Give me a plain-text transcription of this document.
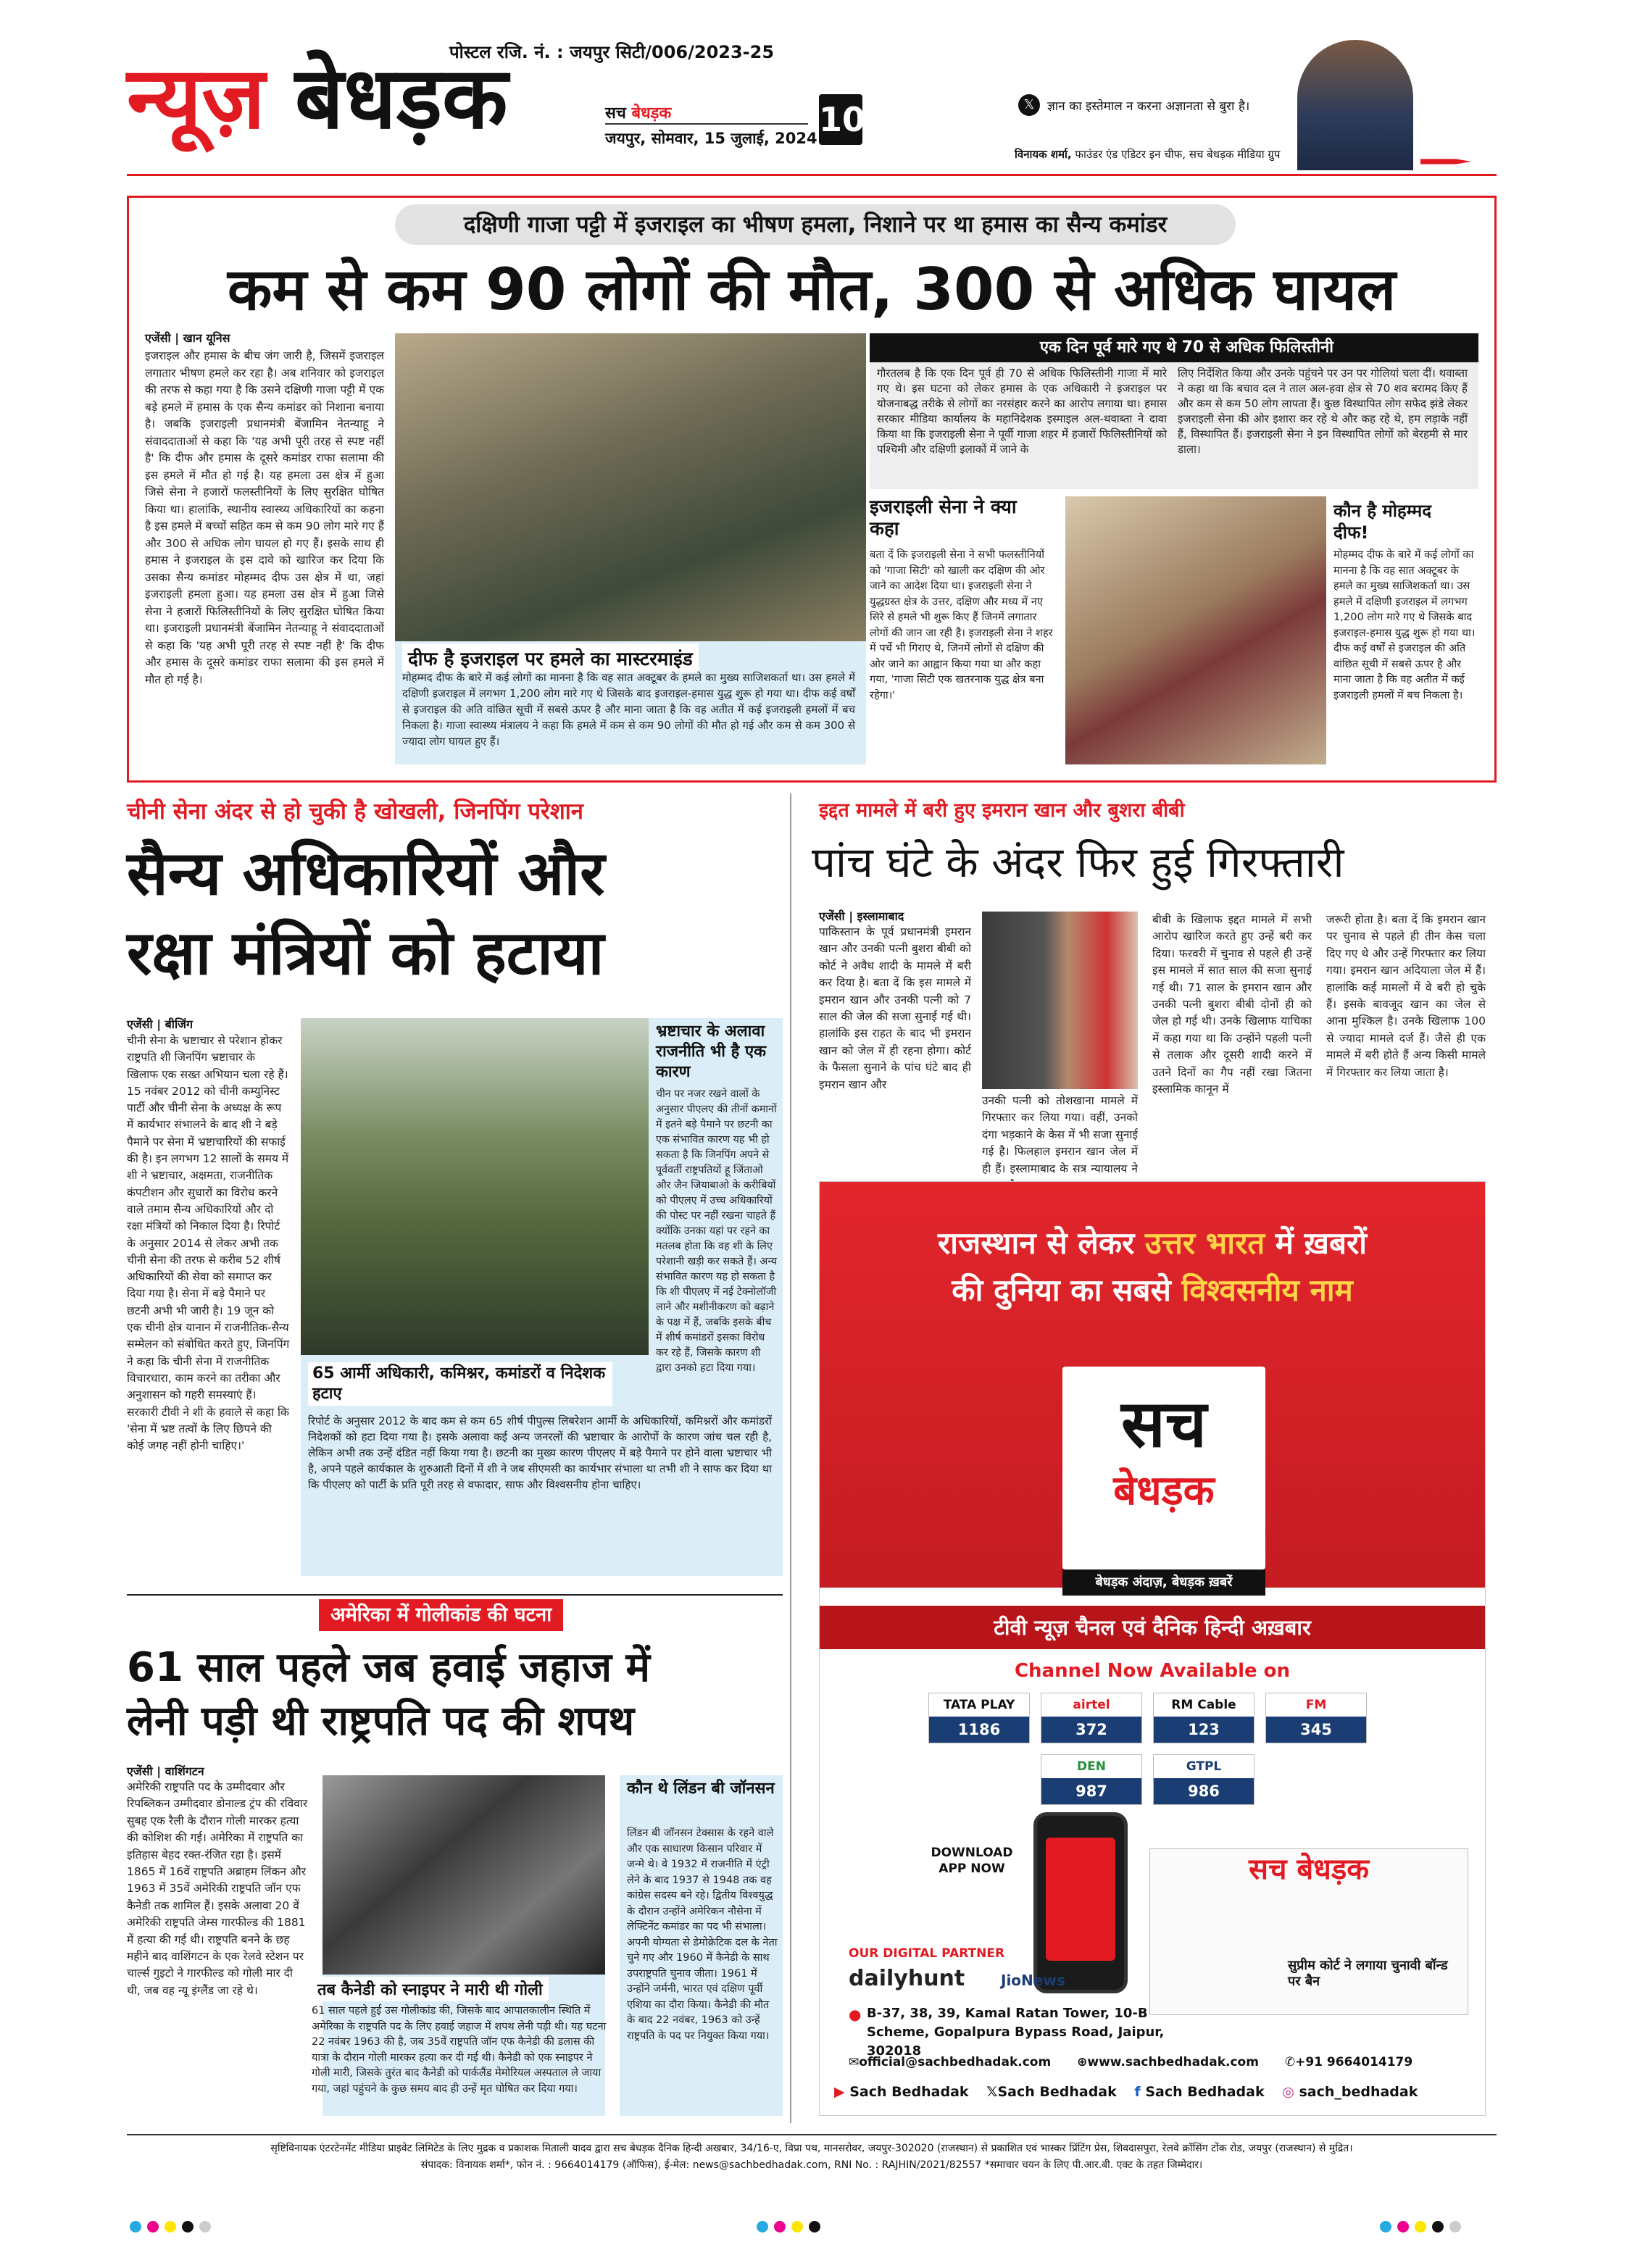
पोस्टल रजि. नं. : जयपुर सिटी/006/2023-25
न्यूज़ बेधड़क	सच बेधड़क
जयपुर, सोमवार, 15 जुलाई, 2024 10	𝕏	ज्ञान का इस्तेमाल न करना अज्ञानता से बुरा है।
विनायक शर्मा, फाउंडर एंड एडिटर इन चीफ, सच बेधड़क मीडिया ग्रुप
दक्षिणी गाजा पट्टी में इजराइल का भीषण हमला, निशाने पर था हमास का सैन्य कमांडर
कम से कम 90 लोगों की मौत, 300 से अधिक घायल
एजेंसी | खान यूनिस
इजराइल और हमास के बीच जंग जारी है, जिसमें इजराइल लगातार भीषण हमले कर रहा है। अब शनिवार को इजराइल की तरफ से कहा गया है कि उसने दक्षिणी गाजा पट्टी में एक बड़े हमले में हमास के एक सैन्य कमांडर को निशाना बनाया है। जबकि इजराइली प्रधानमंत्री बेंजामिन नेतन्याहू ने संवाददाताओं से कहा कि 'यह अभी पूरी तरह से स्पष्ट नहीं है' कि दीफ और हमास के दूसरे कमांडर राफा सलामा की इस हमले में मौत हो गई है। यह हमला उस क्षेत्र में हुआ जिसे सेना ने हजारों फलस्तीनियों के लिए सुरक्षित घोषित किया था। हालांकि, स्थानीय स्वास्थ्य अधिकारियों का कहना है इस हमले में बच्चों सहित कम से कम 90 लोग मारे गए हैं और 300 से अधिक लोग घायल हो गए हैं। इसके साथ ही हमास ने इजराइल के इस दावे को खारिज कर दिया कि उसका सैन्य कमांडर मोहम्मद दीफ उस क्षेत्र में था, जहां इजराइली हमला हुआ। यह हमला उस क्षेत्र में हुआ जिसे सेना ने हजारों फिलिस्तीनियों के लिए सुरक्षित घोषित किया था। इजराइली प्रधानमंत्री बेंजामिन नेतन्याहू ने संवाददाताओं से कहा कि 'यह अभी पूरी तरह से स्पष्ट नहीं है' कि दीफ और हमास के दूसरे कमांडर राफा सलामा की इस हमले में मौत हो गई है।
दीफ है इजराइल पर हमले का मास्टरमाइंड
मोहम्मद दीफ के बारे में कई लोगों का मानना है कि वह सात अक्टूबर के हमले का मुख्य साजिशकर्ता था। उस हमले में दक्षिणी इजराइल में लगभग 1,200 लोग मारे गए थे जिसके बाद इजराइल-हमास युद्ध शुरू हो गया था। दीफ कई वर्षों से इजराइल की अति वांछित सूची में सबसे ऊपर है और माना जाता है कि वह अतीत में कई इजराइली हमलों में बच निकला है। गाजा स्वास्थ्य मंत्रालय ने कहा कि हमले में कम से कम 90 लोगों की मौत हो गई और कम से कम 300 से ज्यादा लोग घायल हुए हैं।
एक दिन पूर्व मारे गए थे 70 से अधिक फिलिस्तीनी
गौरतलब है कि एक दिन पूर्व ही 70 से अधिक फिलिस्तीनी गाजा में मारे गए थे। इस घटना को लेकर हमास के एक अधिकारी ने इजराइल पर योजनाबद्ध तरीके से लोगों का नरसंहार करने का आरोप लगाया था। हमास सरकार मीडिया कार्यालय के महानिदेशक इस्माइल अल-थवाब्ता ने दावा किया था कि इजराइली सेना ने पूर्वी गाजा शहर में हजारों फिलिस्तीनियों को पश्चिमी और दक्षिणी इलाकों में जाने के
लिए निर्देशित किया और उनके पहुंचने पर उन पर गोलियां चला दीं। थवाब्ता ने कहा था कि बचाव दल ने ताल अल-हवा क्षेत्र से 70 शव बरामद किए हैं और कम से कम 50 लोग लापता हैं। कुछ विस्थापित लोग सफेद झंडे लेकर इजराइली सेना की ओर इशारा कर रहे थे और कह रहे थे, हम लड़ाके नहीं हैं, विस्थापित हैं। इजराइली सेना ने इन विस्थापित लोगों को बेरहमी से मार डाला।
इजराइली सेना ने क्या कहा
बता दें कि इजराइली सेना ने सभी फलस्तीनियों को 'गाजा सिटी' को खाली कर दक्षिण की ओर जाने का आदेश दिया था। इजराइली सेना ने युद्धग्रस्त क्षेत्र के उत्तर, दक्षिण और मध्य में नए सिरे से हमले भी शुरू किए हैं जिनमें लगातार लोगों की जान जा रही है। इजराइली सेना ने शहर में पर्चे भी गिराए थे, जिनमें लोगों से दक्षिण की ओर जाने का आह्वान किया गया था और कहा गया, 'गाजा सिटी एक खतरनाक युद्ध क्षेत्र बना रहेगा।'
कौन है मोहम्मद दीफ!
मोहम्मद दीफ के बारे में कई लोगों का मानना है कि वह सात अक्टूबर के हमले का मुख्य साजिशकर्ता था। उस हमले में दक्षिणी इजराइल में लगभग 1,200 लोग मारे गए थे जिसके बाद इजराइल-हमास युद्ध शुरू हो गया था। दीफ कई वर्षों से इजराइल की अति वांछित सूची में सबसे ऊपर है और माना जाता है कि वह अतीत में कई इजराइली हमलों में बच निकला है।
चीनी सेना अंदर से हो चुकी है खोखली, जिनपिंग परेशान
सैन्य अधिकारियों और
रक्षा मंत्रियों को हटाया
एजेंसी | बीजिंग
चीनी सेना के भ्रष्टाचार से परेशान होकर राष्ट्रपति शी जिनपिंग भ्रष्टाचार के खिलाफ एक सख्त अभियान चला रहे हैं। 15 नवंबर 2012 को चीनी कम्युनिस्ट पार्टी और चीनी सेना के अध्यक्ष के रूप में कार्यभार संभालने के बाद शी ने बड़े पैमाने पर सेना में भ्रष्टाचारियों की सफाई की है। इन लगभग 12 सालों के समय में शी ने भ्रष्टाचार, अक्षमता, राजनीतिक कंपटीशन और सुधारों का विरोध करने वाले तमाम सैन्य अधिकारियों और दो रक्षा मंत्रियों को निकाल दिया है। रिपोर्ट के अनुसार 2014 से लेकर अभी तक चीनी सेना की तरफ से करीब 52 शीर्ष अधिकारियों की सेवा को समाप्त कर दिया गया है। सेना में बड़े पैमाने पर छटनी अभी भी जारी है। 19 जून को एक चीनी क्षेत्र यानान में राजनीतिक-सैन्य सम्मेलन को संबोधित करते हुए, जिनपिंग ने कहा कि चीनी सेना में राजनीतिक विचारधारा, काम करने का तरीका और अनुशासन को गहरी समस्याएं हैं। सरकारी टीवी ने शी के हवाले से कहा कि 'सेना में भ्रष्ट तत्वों के लिए छिपने की कोई जगह नहीं होनी चाहिए।'
65 आर्मी अधिकारी, कमिश्नर, कमांडरों व निदेशक हटाए
रिपोर्ट के अनुसार 2012 के बाद कम से कम 65 शीर्ष पीपुल्स लिबरेशन आर्मी के अधिकारियों, कमिश्नरों और कमांडरों निदेशकों को हटा दिया गया है। इसके अलावा कई अन्य जनरलों की भ्रष्टाचार के आरोपों के कारण जांच चल रही है, लेकिन अभी तक उन्हें दंडित नहीं किया गया है। छटनी का मुख्य कारण पीएलए में बड़े पैमाने पर होने वाला भ्रष्टाचार भी है, अपने पहले कार्यकाल के शुरुआती दिनों में शी ने जब सीएमसी का कार्यभार संभाला था तभी शी ने साफ कर दिया था कि पीएलए को पार्टी के प्रति पूरी तरह से वफादार, साफ और विश्वसनीय होना चाहिए।
भ्रष्टाचार के अलावा राजनीति भी है एक कारण
चीन पर नजर रखने वालों के अनुसार पीएलए की तीनों कमानों में इतने बड़े पैमाने पर छटनी का एक संभावित कारण यह भी हो सकता है कि जिनपिंग अपने से पूर्ववर्ती राष्ट्रपतियों हू जिंताओ और जैन जियाबाओ के करीबियों को पीएलए में उच्च अधिकारियों की पोस्ट पर नहीं रखना चाहते हैं क्योंकि उनका यहां पर रहने का मतलब होता कि वह शी के लिए परेशानी खड़ी कर सकते हैं। अन्य संभावित कारण यह हो सकता है कि शी पीएलए में नई टेक्नोलॉजी लाने और मशीनीकरण को बढ़ाने के पक्ष में हैं, जबकि इसके बीच में शीर्ष कमांडरों इसका विरोध कर रहे हैं, जिसके कारण शी द्वारा उनको हटा दिया गया।
अमेरिका में गोलीकांड की घटना
61 साल पहले जब हवाई जहाज में
लेनी पड़ी थी राष्ट्रपति पद की शपथ
एजेंसी | वाशिंगटन
अमेरिकी राष्ट्रपति पद के उम्मीदवार और रिपब्लिकन उम्मीदवार डोनाल्ड ट्रंप की रविवार सुबह एक रैली के दौरान गोली मारकर हत्या की कोशिश की गई। अमेरिका में राष्ट्रपति का इतिहास बेहद रक्त-रंजित रहा है। इसमें 1865 में 16वें राष्ट्रपति अब्राहम लिंकन और 1963 में 35वें अमेरिकी राष्ट्रपति जॉन एफ कैनेडी तक शामिल हैं। इसके अलावा 20 वें अमेरिकी राष्ट्रपति जेम्स गारफील्ड की 1881 में हत्या की गई थी। राष्ट्रपति बनने के छह महीने बाद वाशिंगटन के एक रेलवे स्टेशन पर चार्ल्स गुइटो ने गारफील्ड को गोली मार दी थी, जब वह न्यू इंग्लैंड जा रहे थे।	तब कैनेडी को स्नाइपर ने मारी थी गोली
61 साल पहले हुई उस गोलीकांड की, जिसके बाद आपातकालीन स्थिति में अमेरिका के राष्ट्रपति पद के लिए हवाई जहाज में शपथ लेनी पड़ी थी। यह घटना 22 नवंबर 1963 की है, जब 35वें राष्ट्रपति जॉन एफ कैनेडी की डलास की यात्रा के दौरान गोली मारकर हत्या कर दी गई थी। कैनेडी को एक स्नाइपर ने गोली मारी, जिसके तुरंत बाद कैनेडी को पार्कलैंड मेमोरियल अस्पताल ले जाया गया, जहां पहुंचने के कुछ समय बाद ही उन्हें मृत घोषित कर दिया गया।
कौन थे लिंडन बी जॉनसन
लिंडन बी जॉनसन टेक्सास के रहने वाले और एक साधारण किसान परिवार में जन्मे थे। वे 1932 में राजनीति में एंट्री लेने के बाद 1937 से 1948 तक वह कांग्रेस सदस्य बने रहे। द्वितीय विश्वयुद्ध के दौरान उन्होंने अमेरिकन नौसेना में लेफ्टिनेंट कमांडर का पद भी संभाला। अपनी योग्यता से डेमोक्रेटिक दल के नेता चुने गए और 1960 में कैनेडी के साथ उपराष्ट्रपति चुनाव जीता। 1961 में उन्होंने जर्मनी, भारत एवं दक्षिण पूर्वी एशिया का दौरा किया। कैनेडी की मौत के बाद 22 नवंबर, 1963 को उन्हें राष्ट्रपति के पद पर नियुक्त किया गया।
इद्दत मामले में बरी हुए इमरान खान और बुशरा बीबी
पांच घंटे के अंदर फिर हुई गिरफ्तारी
एजेंसी | इस्लामाबाद
पाकिस्तान के पूर्व प्रधानमंत्री इमरान खान और उनकी पत्नी बुशरा बीबी को कोर्ट ने अवैध शादी के मामले में बरी कर दिया है। बता दें कि इस मामले में इमरान खान और उनकी पत्नी को 7 साल की जेल की सजा सुनाई गई थी। हालांकि इस राहत के बाद भी इमरान खान को जेल में ही रहना होगा। कोर्ट के फैसला सुनाने के पांच घंटे बाद ही इमरान खान और
उनकी पत्नी को तोशखाना मामले में गिरफ्तार कर लिया गया। वहीं, उनको दंगा भड़काने के केस में भी सजा सुनाई गई है। फिलहाल इमरान खान जेल में ही हैं। इस्लामाबाद के सत्र न्यायालय ने
बीबी के खिलाफ इद्दत मामले में सभी आरोप खारिज करते हुए उन्हें बरी कर दिया। फरवरी में चुनाव से पहले ही उन्हें इस मामले में सात साल की सजा सुनाई गई थी। 71 साल के इमरान खान और उनकी पत्नी बुशरा बीबी दोनों ही को जेल हो गई थी। उनके खिलाफ याचिका में कहा गया था कि उन्होंने पहली पत्नी से तलाक और दूसरी शादी करने में उतने दिनों का गैप नहीं रखा जितना इस्लामिक कानून में
जरूरी होता है। बता दें कि इमरान खान पर चुनाव से पहले ही तीन केस चला दिए गए थे और उन्हें गिरफ्तार कर लिया गया। इमरान खान अदियाला जेल में हैं। हालांकि कई मामलों में वे बरी हो चुके हैं। इसके बावजूद खान का जेल से आना मुश्किल है। उनके खिलाफ 100 से ज्यादा मामले दर्ज हैं। जैसे ही एक मामले में बरी होते हैं अन्य किसी मामले में गिरफ्तार कर लिया जाता है।
राजस्थान से लेकर उत्तर भारत में ख़बरों
की दुनिया का सबसे विश्वसनीय नाम
सच
बेधड़क
बेधड़क अंदाज़, बेधड़क ख़बरें
टीवी न्यूज़ चैनल एवं दैनिक हिन्दी अख़बार
Channel Now Available on
TATA PLAY
1186
airtel
372
RM Cable
123
FM
345
DEN
987
GTPL
986
DOWNLOAD APP NOW	सच बेधड़क
सुप्रीम कोर्ट ने लगाया चुनावी बॉन्ड पर बैन
OUR DIGITAL PARTNER
dailyhunt JioNews
● B-37, 38, 39, Kamal Ratan Tower, 10-B Scheme, Gopalpura Bypass Road, Jaipur, 302018
✉official@sachbedhadak.com ⊕www.sachbedhadak.com ✆+91 9664014179
▶ Sach Bedhadak 𝕏Sach Bedhadak f Sach Bedhadak ◎ sach_bedhadak
सृष्टिविनायक एंटरटेनमेंट मीडिया प्राइवेट लिमिटेड के लिए मुद्रक व प्रकाशक मिताली यादव द्वारा सच बेधड़क दैनिक हिन्दी अखबार, 34/16-ए, विप्रा पथ, मानसरोवर, जयपुर-302020 (राजस्थान) से प्रकाशित एवं भास्कर प्रिंटिंग प्रेस, शिवदासपुरा, रेलवे क्रॉसिंग टोंक रोड, जयपुर (राजस्थान) से मुद्रित।
संपादक: विनायक शर्मा*, फोन नं. : 9664014179 (ऑफिस), ई-मेल: news@sachbedhadak.com, RNI No. : RAJHIN/2021/82557 *समाचार चयन के लिए पी.आर.बी. एक्ट के तहत जिम्मेदार।
